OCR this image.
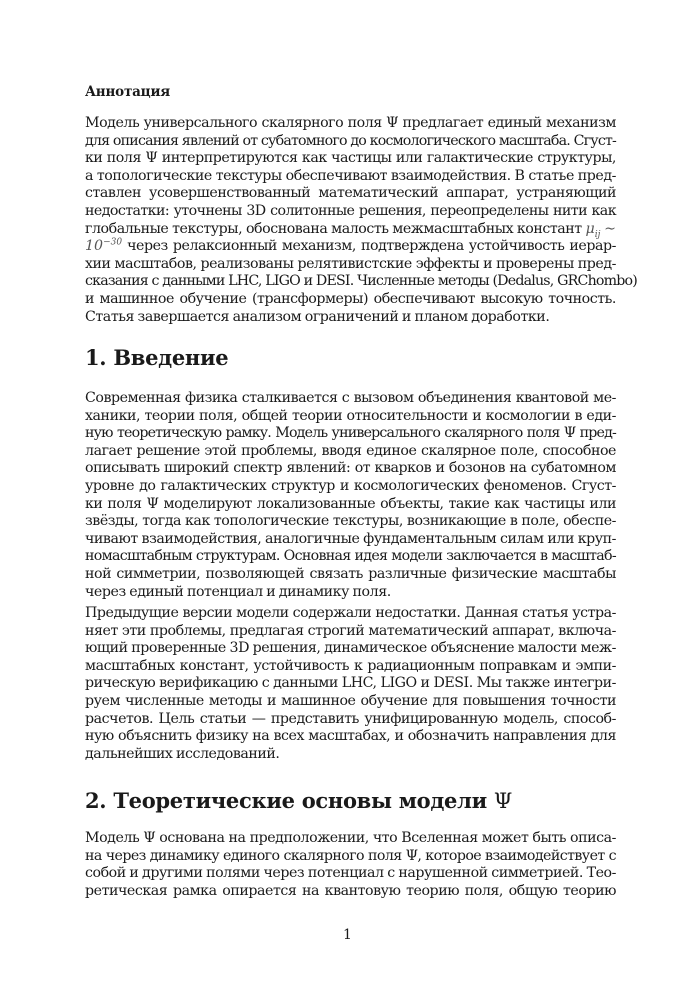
Аннотация
Модель универсального скалярного поля Ψ предлагает единый механизм
для описания явлений от субатомного до космологического масштаба. Сгуст-
ки поля Ψ интерпретируются как частицы или галактические структуры,
а топологические текстуры обеспечивают взаимодействия. В статье пред-
ставлен усовершенствованный математический аппарат, устраняющий
недостатки: уточнены 3D солитонные решения, переопределены нити как
глобальные текстуры, обоснована малость межмасштабных констант $\mu_{ij}$ ∼
$10^{-30}$ через релаксионный механизм, подтверждена устойчивость иерар-
хии масштабов, реализованы релятивистские эффекты и проверены пред-
сказания с данными LHC, LIGO и DESI. Численные методы (Dedalus, GRChombo)
и машинное обучение (трансформеры) обеспечивают высокую точность.
Статья завершается анализом ограничений и планом доработки.
1. Введение
Современная физика сталкивается с вызовом объединения квантовой ме-
ханики, теории поля, общей теории относительности и космологии в еди-
ную теоретическую рамку. Модель универсального скалярного поля Ψ пред-
лагает решение этой проблемы, вводя единое скалярное поле, способное
описывать широкий спектр явлений: от кварков и бозонов на субатомном
уровне до галактических структур и космологических феноменов. Сгуст-
ки поля Ψ моделируют локализованные объекты, такие как частицы или
звёзды, тогда как топологические текстуры, возникающие в поле, обеспе-
чивают взаимодействия, аналогичные фундаментальным силам или круп-
номасштабным структурам. Основная идея модели заключается в масштаб-
ной симметрии, позволяющей связать различные физические масштабы
через единый потенциал и динамику поля.
Предыдущие версии модели содержали недостатки. Данная статья устра-
няет эти проблемы, предлагая строгий математический аппарат, включа-
ющий проверенные 3D решения, динамическое объяснение малости меж-
масштабных констант, устойчивость к радиационным поправкам и эмпи-
рическую верификацию с данными LHC, LIGO и DESI. Мы также интегри-
руем численные методы и машинное обучение для повышения точности
расчетов. Цель статьи — представить унифицированную модель, способ-
ную объяснить физику на всех масштабах, и обозначить направления для
дальнейших исследований.
2. Теоретические основы модели Ψ
Модель Ψ основана на предположении, что Вселенная может быть описа-
на через динамику единого скалярного поля Ψ, которое взаимодействует с
собой и другими полями через потенциал с нарушенной симметрией. Тео-
ретическая рамка опирается на квантовую теорию поля, общую теорию
1
